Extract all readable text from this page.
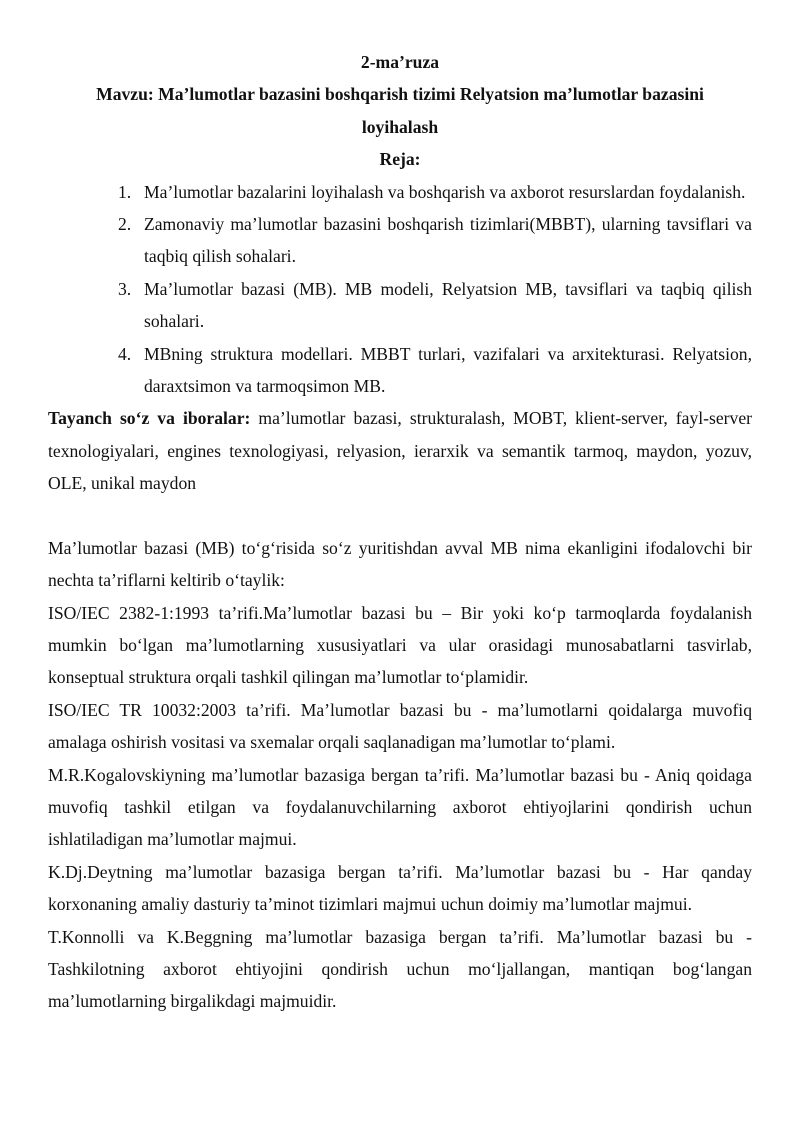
2-ma’ruza
Mavzu: Ma’lumotlar bazasini boshqarish tizimi Relyatsion ma’lumotlar bazasini
loyihalash
Reja:
1. Ma’lumotlar bazalarini loyihalash va boshqarish va axborot resurslardan foydalanish.
2. Zamonaviy ma’lumotlar bazasini boshqarish tizimlari(MBBT), ularning tavsiflari va taqbiq qilish sohalari.
3. Ma’lumotlar bazasi (MB). MB modeli, Relyatsion MB, tavsiflari va taqbiq qilish sohalari.
4. MBning struktura modellari. MBBT turlari, vazifalari va arxitekturasi. Relyatsion, daraxtsimon va tarmoqsimon MB.

Tayanch so‘z va iboralar: ma’lumotlar bazasi, strukturalash, MOBT, klient-server, fayl-server texnologiyalari, engines texnologiyasi, relyasion, ierarxik va semantik tarmoq, maydon, yozuv, OLE, unikal maydon

Ma’lumotlar bazasi (MB) to‘g‘risida so‘z yuritishdan avval MB nima ekanligini ifodalovchi bir nechta ta’riflarni keltirib o‘taylik:

ISO/IEC 2382-1:1993 ta’rifi.Ma’lumotlar bazasi bu – Bir yoki ko‘p tarmoqlarda foydalanish mumkin bo‘lgan ma’lumotlarning xususiyatlari va ular orasidagi munosabatlarni tasvirlab, konseptual struktura orqali tashkil qilingan ma’lumotlar to‘plamidir.

ISO/IEC TR 10032:2003 ta’rifi. Ma’lumotlar bazasi bu - ma’lumotlarni qoidalarga muvofiq amalaga oshirish vositasi va sxemalar orqali saqlanadigan ma’lumotlar to‘plami.

M.R.Kogalovskiyning ma’lumotlar bazasiga bergan ta’rifi. Ma’lumotlar bazasi bu - Aniq qoidaga muvofiq tashkil etilgan va foydalanuvchilarning axborot ehtiyojlarini qondirish uchun ishlatiladigan ma’lumotlar majmui.

K.Dj.Deytning ma’lumotlar bazasiga bergan ta’rifi. Ma’lumotlar bazasi bu - Har qanday korxonaning amaliy dasturiy ta’minot tizimlari majmui uchun doimiy ma’lumotlar majmui.

T.Konnolli va K.Beggning ma’lumotlar bazasiga bergan ta’rifi. Ma’lumotlar bazasi bu - Tashkilotning axborot ehtiyojini qondirish uchun mo‘ljallangan, mantiqan bog‘langan ma’lumotlarning birgalikdagi majmuidir.
